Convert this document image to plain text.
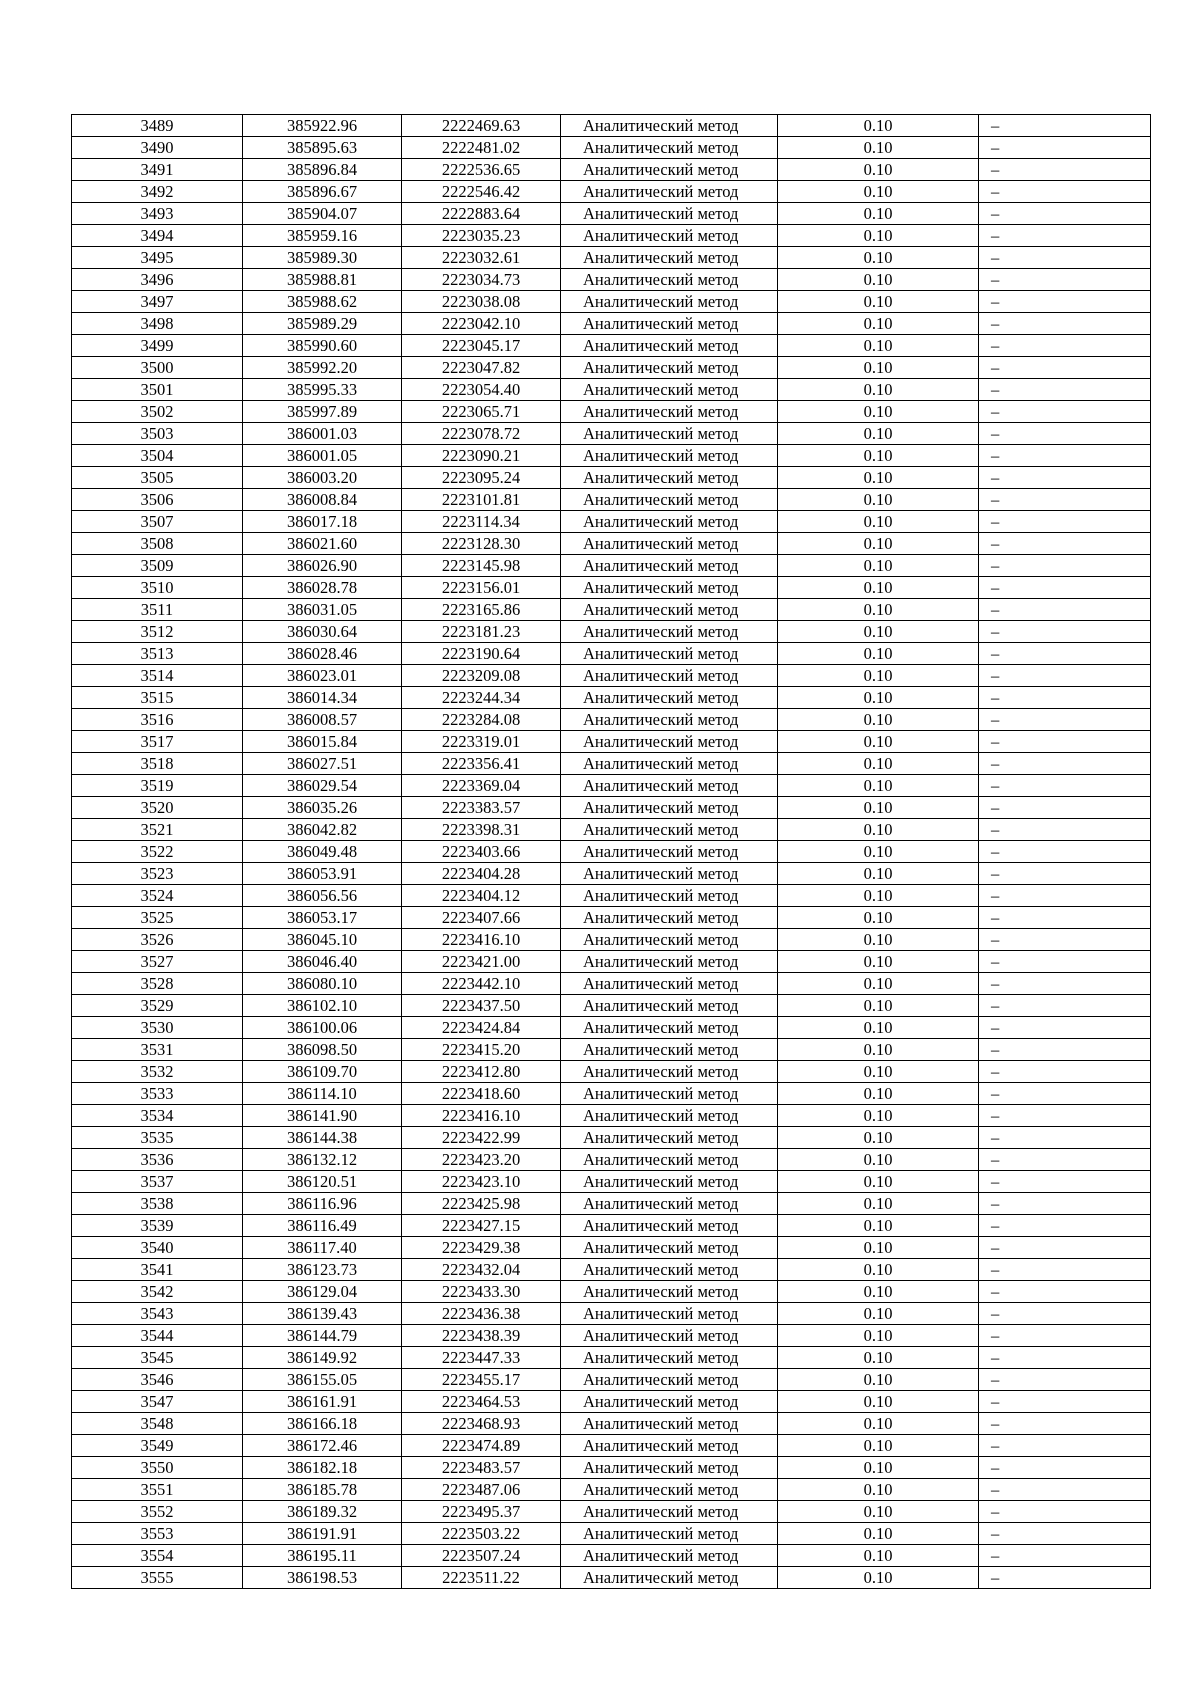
3489	385922.96	2222469.63	Аналитический метод	0.10	–
3490	385895.63	2222481.02	Аналитический метод	0.10	–
3491	385896.84	2222536.65	Аналитический метод	0.10	–
3492	385896.67	2222546.42	Аналитический метод	0.10	–
3493	385904.07	2222883.64	Аналитический метод	0.10	–
3494	385959.16	2223035.23	Аналитический метод	0.10	–
3495	385989.30	2223032.61	Аналитический метод	0.10	–
3496	385988.81	2223034.73	Аналитический метод	0.10	–
3497	385988.62	2223038.08	Аналитический метод	0.10	–
3498	385989.29	2223042.10	Аналитический метод	0.10	–
3499	385990.60	2223045.17	Аналитический метод	0.10	–
3500	385992.20	2223047.82	Аналитический метод	0.10	–
3501	385995.33	2223054.40	Аналитический метод	0.10	–
3502	385997.89	2223065.71	Аналитический метод	0.10	–
3503	386001.03	2223078.72	Аналитический метод	0.10	–
3504	386001.05	2223090.21	Аналитический метод	0.10	–
3505	386003.20	2223095.24	Аналитический метод	0.10	–
3506	386008.84	2223101.81	Аналитический метод	0.10	–
3507	386017.18	2223114.34	Аналитический метод	0.10	–
3508	386021.60	2223128.30	Аналитический метод	0.10	–
3509	386026.90	2223145.98	Аналитический метод	0.10	–
3510	386028.78	2223156.01	Аналитический метод	0.10	–
3511	386031.05	2223165.86	Аналитический метод	0.10	–
3512	386030.64	2223181.23	Аналитический метод	0.10	–
3513	386028.46	2223190.64	Аналитический метод	0.10	–
3514	386023.01	2223209.08	Аналитический метод	0.10	–
3515	386014.34	2223244.34	Аналитический метод	0.10	–
3516	386008.57	2223284.08	Аналитический метод	0.10	–
3517	386015.84	2223319.01	Аналитический метод	0.10	–
3518	386027.51	2223356.41	Аналитический метод	0.10	–
3519	386029.54	2223369.04	Аналитический метод	0.10	–
3520	386035.26	2223383.57	Аналитический метод	0.10	–
3521	386042.82	2223398.31	Аналитический метод	0.10	–
3522	386049.48	2223403.66	Аналитический метод	0.10	–
3523	386053.91	2223404.28	Аналитический метод	0.10	–
3524	386056.56	2223404.12	Аналитический метод	0.10	–
3525	386053.17	2223407.66	Аналитический метод	0.10	–
3526	386045.10	2223416.10	Аналитический метод	0.10	–
3527	386046.40	2223421.00	Аналитический метод	0.10	–
3528	386080.10	2223442.10	Аналитический метод	0.10	–
3529	386102.10	2223437.50	Аналитический метод	0.10	–
3530	386100.06	2223424.84	Аналитический метод	0.10	–
3531	386098.50	2223415.20	Аналитический метод	0.10	–
3532	386109.70	2223412.80	Аналитический метод	0.10	–
3533	386114.10	2223418.60	Аналитический метод	0.10	–
3534	386141.90	2223416.10	Аналитический метод	0.10	–
3535	386144.38	2223422.99	Аналитический метод	0.10	–
3536	386132.12	2223423.20	Аналитический метод	0.10	–
3537	386120.51	2223423.10	Аналитический метод	0.10	–
3538	386116.96	2223425.98	Аналитический метод	0.10	–
3539	386116.49	2223427.15	Аналитический метод	0.10	–
3540	386117.40	2223429.38	Аналитический метод	0.10	–
3541	386123.73	2223432.04	Аналитический метод	0.10	–
3542	386129.04	2223433.30	Аналитический метод	0.10	–
3543	386139.43	2223436.38	Аналитический метод	0.10	–
3544	386144.79	2223438.39	Аналитический метод	0.10	–
3545	386149.92	2223447.33	Аналитический метод	0.10	–
3546	386155.05	2223455.17	Аналитический метод	0.10	–
3547	386161.91	2223464.53	Аналитический метод	0.10	–
3548	386166.18	2223468.93	Аналитический метод	0.10	–
3549	386172.46	2223474.89	Аналитический метод	0.10	–
3550	386182.18	2223483.57	Аналитический метод	0.10	–
3551	386185.78	2223487.06	Аналитический метод	0.10	–
3552	386189.32	2223495.37	Аналитический метод	0.10	–
3553	386191.91	2223503.22	Аналитический метод	0.10	–
3554	386195.11	2223507.24	Аналитический метод	0.10	–
3555	386198.53	2223511.22	Аналитический метод	0.10	–
